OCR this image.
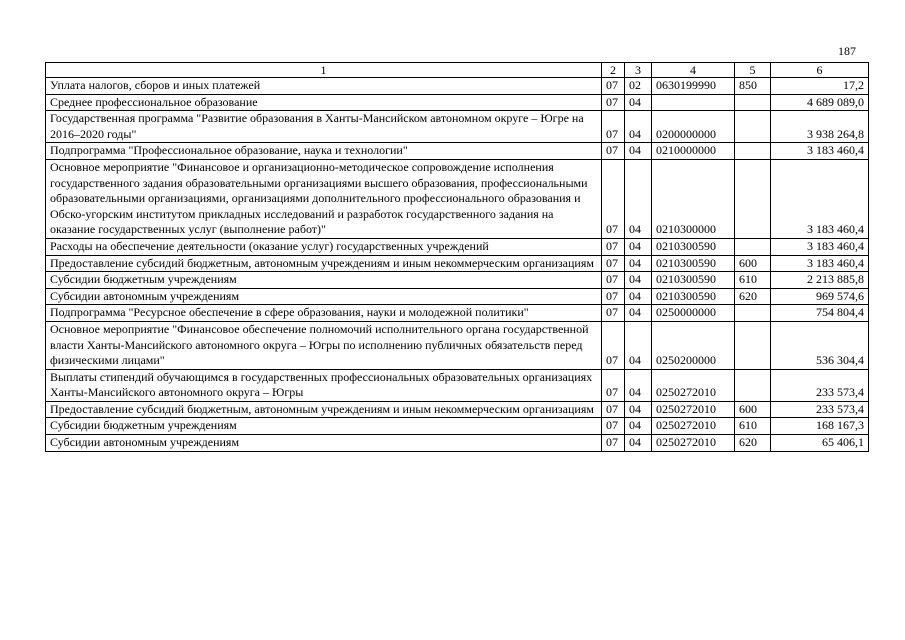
187
1	2	3	4	5	6
Уплата налогов, сборов и иных платежей	07	02	0630199990	850	17,2
Среднее профессиональное образование	07	04			4 689 089,0
Государственная программа "Развитие образования в Ханты-Мансийском автономном округе – Югре на 2016–2020 годы"	07	04	0200000000		3 938 264,8
Подпрограмма "Профессиональное образование, наука и технологии"	07	04	0210000000		3 183 460,4
Основное мероприятие "Финансовое и организационно-методическое сопровождение исполнения государственного задания образовательными организациями высшего образования, профессиональными образовательными организациями, организациями дополнительного профессионального образования и Обско-угорским институтом прикладных исследований и разработок государственного задания на оказание государственных услуг (выполнение работ)"	07	04	0210300000		3 183 460,4
Расходы на обеспечение деятельности (оказание услуг) государственных учреждений	07	04	0210300590		3 183 460,4
Предоставление субсидий бюджетным, автономным учреждениям и иным некоммерческим организациям	07	04	0210300590	600	3 183 460,4
Субсидии бюджетным учреждениям	07	04	0210300590	610	2 213 885,8
Субсидии автономным учреждениям	07	04	0210300590	620	969 574,6
Подпрограмма "Ресурсное обеспечение в сфере образования, науки и молодежной политики"	07	04	0250000000		754 804,4
Основное мероприятие "Финансовое обеспечение полномочий исполнительного органа государственной власти Ханты-Мансийского автономного округа – Югры по исполнению публичных обязательств перед физическими лицами"	07	04	0250200000		536 304,4
Выплаты стипендий обучающимся в государственных профессиональных образовательных организациях Ханты-Мансийского автономного округа – Югры	07	04	0250272010		233 573,4
Предоставление субсидий бюджетным, автономным учреждениям и иным некоммерческим организациям	07	04	0250272010	600	233 573,4
Субсидии бюджетным учреждениям	07	04	0250272010	610	168 167,3
Субсидии автономным учреждениям	07	04	0250272010	620	65 406,1
